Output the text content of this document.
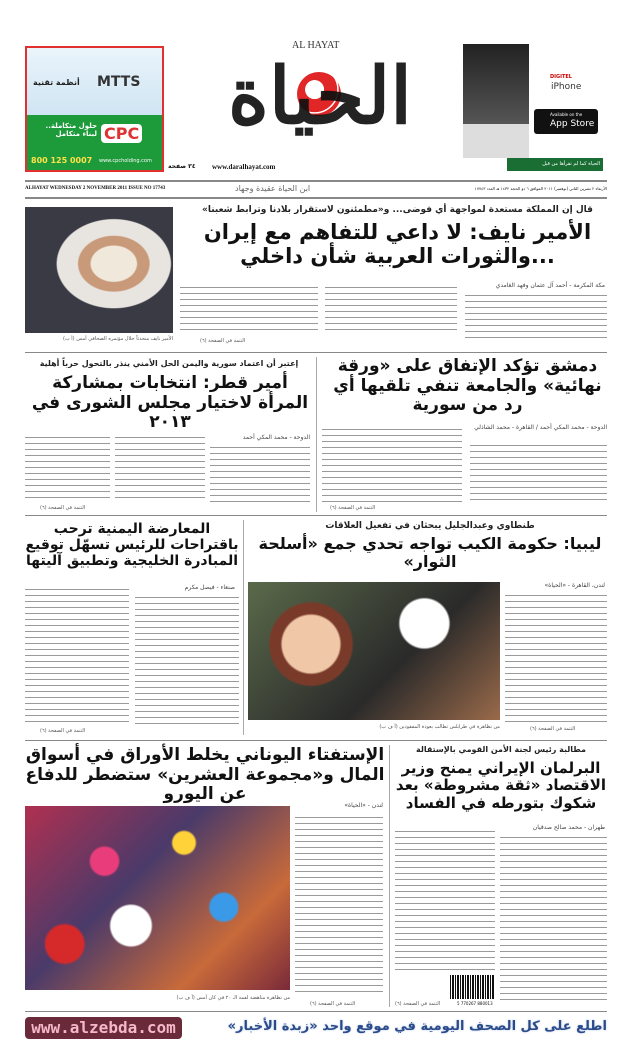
MTTS
أنظمة تقنية
CPC
حلول متكاملة.. لبناء متكامل
800 125 0007 www.cpcholding.com
AL HAYAT
الحياة
٣٤ صفحة www.daralhayat.com
DIGITEL
iPhone
Available on the
App Store
الحياة كما لم تقرأها من قبل
ALHAYAT WEDNESDAY 2 NOVEMBER 2011 ISSUE NO 17743	ابن الحياة عقيدة وجهاد	الأربعاء ٢ تشرين الثاني (نوفمبر) ٢٠١١ الموافق ٦ ذو الحجة ١٤٣٢ هـ العدد ١٧٧٤٣
الأمير نايف متحدثاً خلال مؤتمره الصحافي أمس (أ ب)
قال إن المملكة مستعدة لمواجهة أي فوضى... و«مطمئنون لاستقرار بلادنا وترابط شعبنا»
الأمير نايف: لا داعي للتفاهم مع إيران ...والثورات العربية شأن داخلي
مكة المكرمة - أحمد آل عثمان وفهد الغامدي
التتمة في الصفحة (٦)
دمشق تؤكد الإتفاق على «ورقة نهائية» والجامعة تنفي تلقيها أي رد من سورية
الدوحة - محمد المكي أحمد / القاهرة - محمد الشاذلي
التتمة في الصفحة (٦)
إعتبر أن اعتماد سورية واليمن الحل الأمني ينذر بالتحول حرباً أهلية
أمير قطر: انتخابات بمشاركة المرأة لاختيار مجلس الشورى في ٢٠١٣
الدوحة - محمد المكي أحمد
التتمة في الصفحة (٦)
طنطاوي وعبدالجليل يبحثان في تفعيل العلاقات
ليبيا: حكومة الكيب تواجه تحدي جمع «أسلحة الثوار»
لندن، القاهرة - «الحياة»
من تظاهرة في طرابلس تطالب بعودة المفقودين (أ ف ب)	التتمة في الصفحة (٦)
المعارضة اليمنية ترحب باقتراحات للرئيس تسهّل توقيع المبادرة الخليجية وتطبيق آليتها
صنعاء - فيصل مكرم
التتمة في الصفحة (٦)
مطالبة رئيس لجنة الأمن القومي بالإستقالة
البرلمان الإيراني يمنح وزير الاقتصاد «ثقة مشروطة» بعد شكوك بتورطه في الفساد
طهران - محمد صالح صدقيان
5 770267 880013
التتمة في الصفحة (٦)
الإستفتاء اليوناني يخلط الأوراق في أسواق المال و«مجموعة العشرين» ستضطر للدفاع عن اليورو
لندن - «الحياة»
من تظاهرة مناهضة لقمة الـ ٢٠ في كان أمس (أ ف ب)
التتمة في الصفحة (٦)
www.alzebda.com	اطلع على كل الصحف اليومية في موقع واحد «زبدة الأخبار»
